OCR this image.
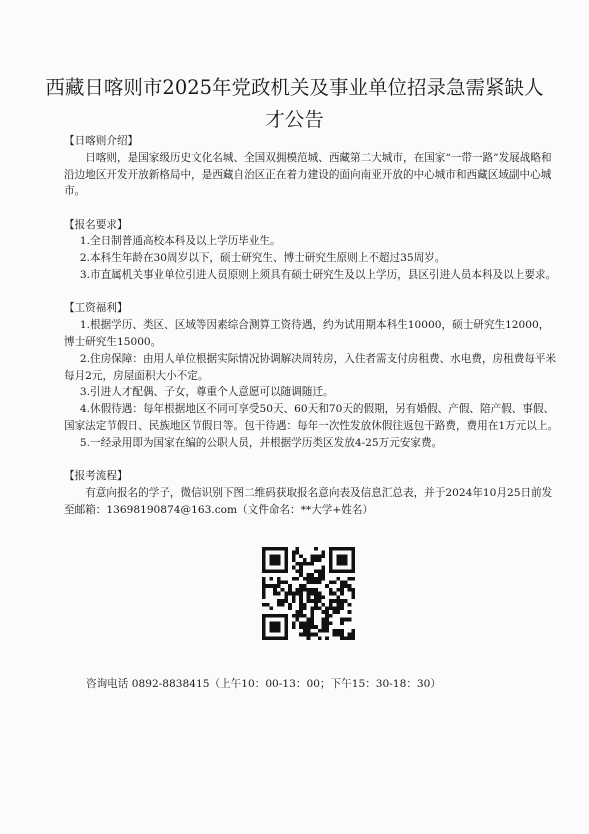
西藏日喀则市2025年党政机关及事业单位招录急需紧缺人才公告

【日喀则介绍】

日喀则，是国家级历史文化名城、全国双拥模范城、西藏第二大城市，在国家“一带一路”发展战略和沿边地区开发开放新格局中，是西藏自治区正在着力建设的面向南亚开放的中心城市和西藏区域副中心城市。

【报名要求】

1.全日制普通高校本科及以上学历毕业生。

2.本科生年龄在30周岁以下，硕士研究生、博士研究生原则上不超过35周岁。

3.市直属机关事业单位引进人员原则上须具有硕士研究生及以上学历，县区引进人员本科及以上要求。

【工资福利】

1.根据学历、类区、区域等因素综合测算工资待遇，约为试用期本科生10000，硕士研究生12000，博士研究生15000。

2.住房保障：由用人单位根据实际情况协调解决周转房，入住者需支付房租费、水电费，房租费每平米每月2元，房屋面积大小不定。

3.引进人才配偶、子女，尊重个人意愿可以随调随迁。

4.休假待遇：每年根据地区不同可享受50天、60天和70天的假期，另有婚假、产假、陪产假、事假、国家法定节假日、民族地区节假日等。包干待遇：每年一次性发放休假往返包干路费，费用在1万元以上。

5.一经录用即为国家在编的公职人员，并根据学历类区发放4-25万元安家费。

【报考流程】

有意向报名的学子，微信识别下图二维码获取报名意向表及信息汇总表，并于2024年10月25日前发至邮箱：13698190874@163.com（文件命名：**大学+姓名）

咨询电话 0892-8838415（上午10：00-13：00；下午15：30-18：30）
